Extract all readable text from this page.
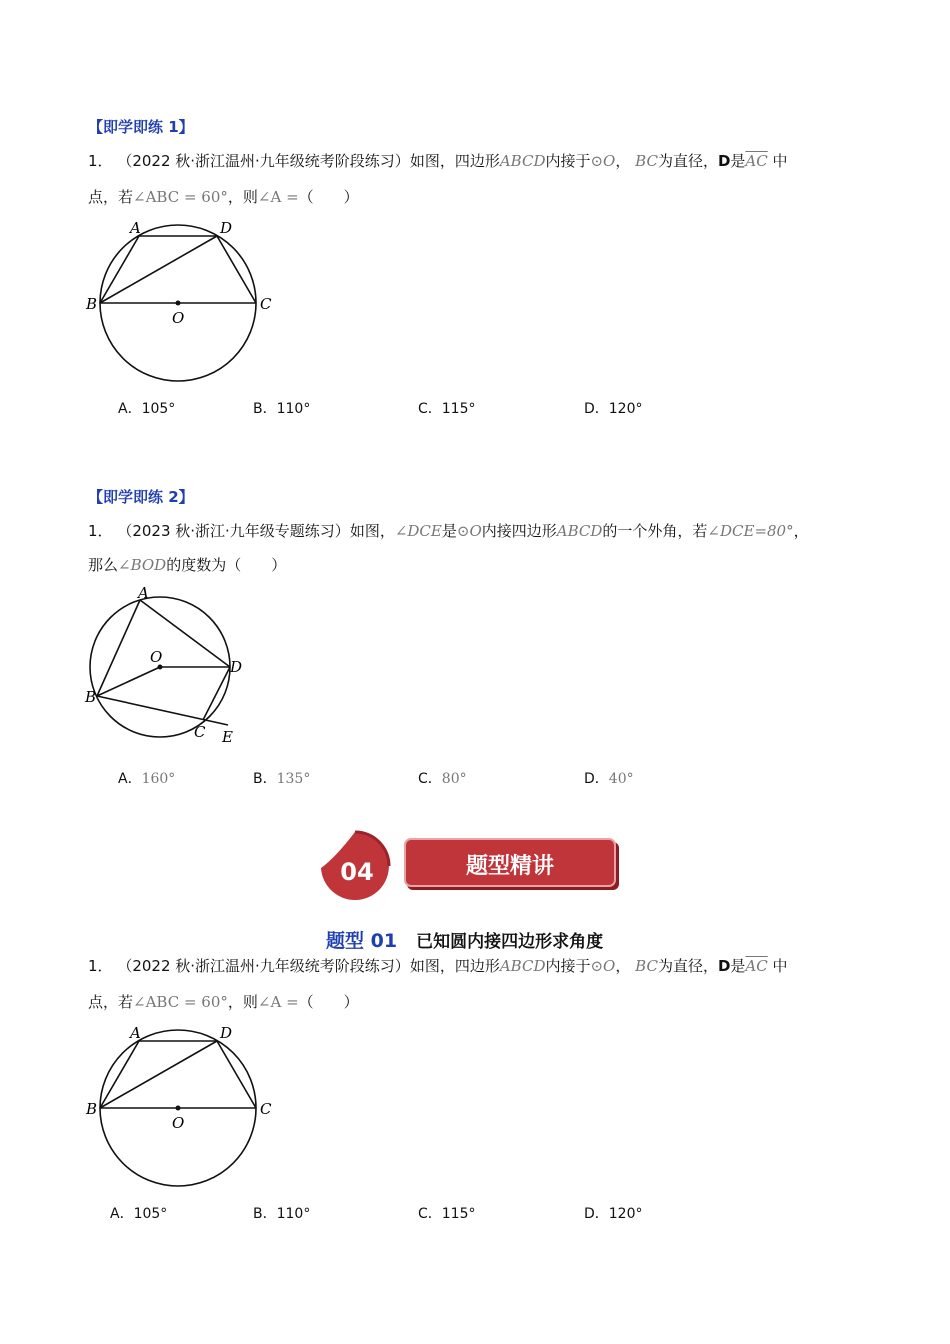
【即学即练 1】
1． （2022 秋·浙江温州·九年级统考阶段练习）如图，四边形ABCD内接于⊙O， BC为直径，D是$\overline{AC}$ 中
点，若∠ABC = 60°，则∠A =（　　）
A	D
B	C
O
A．105°	B．110°	C．115°	D．120°
【即学即练 2】
1． （2023 秋·浙江·九年级专题练习）如图，∠DCE是⊙O内接四边形ABCD的一个外角，若∠DCE=80°，
那么∠BOD的度数为（　　）
A
O
D
B
C E
A．160°	B．135°	C．80°	D．40°
04	题型精讲
题型 01 已知圆内接四边形求角度
1． （2022 秋·浙江温州·九年级统考阶段练习）如图，四边形ABCD内接于⊙O， BC为直径，D是$\overline{AC}$ 中
点，若∠ABC = 60°，则∠A =（　　）
A	D
B	C
O
A．105°	B．110°	C．115°	D．120°
